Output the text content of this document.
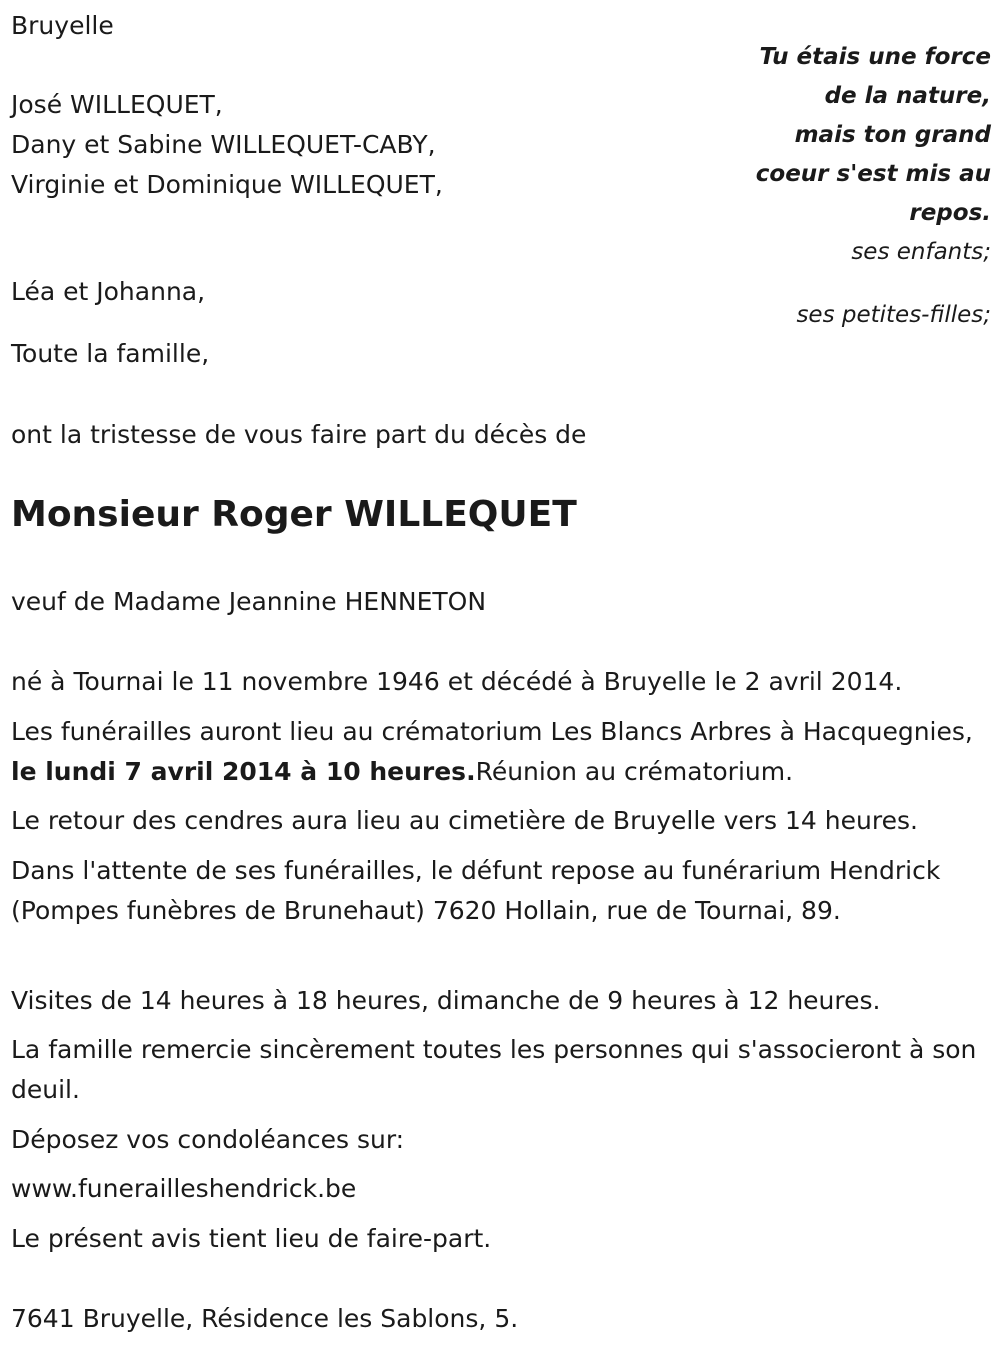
Bruyelle
Tu étais une force
de la nature,
mais ton grand
coeur s'est mis au
repos.
José WILLEQUET,
Dany et Sabine WILLEQUET-CABY,
Virginie et Dominique WILLEQUET,
ses enfants;
Léa et Johanna,
ses petites-filles;
Toute la famille,
ont la tristesse de vous faire part du décès de
Monsieur Roger WILLEQUET
veuf de Madame Jeannine HENNETON
né à Tournai le 11 novembre 1946 et décédé à Bruyelle le 2 avril 2014.
Les funérailles auront lieu au crématorium Les Blancs Arbres à Hacquegnies, le lundi 7 avril 2014 à 10 heures.Réunion au crématorium.
Le retour des cendres aura lieu au cimetière de Bruyelle vers 14 heures.
Dans l'attente de ses funérailles, le défunt repose au funérarium Hendrick (Pompes funèbres de Brunehaut) 7620 Hollain, rue de Tournai, 89.
Visites de 14 heures à 18 heures, dimanche de 9 heures à 12 heures.
La famille remercie sincèrement toutes les personnes qui s'associeront à son deuil.
Déposez vos condoléances sur:
www.funerailleshendrick.be
Le présent avis tient lieu de faire-part.
7641 Bruyelle, Résidence les Sablons, 5.
